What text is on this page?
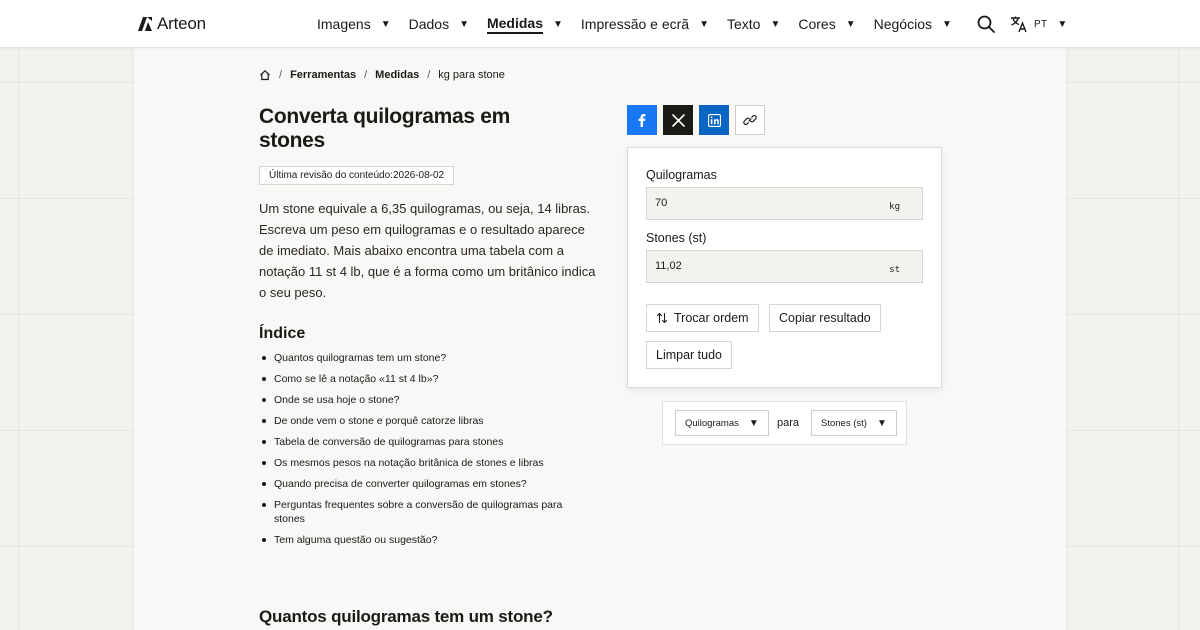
Arteon	Imagens ▼ Dados ▼ Medidas ▼ Impressão e ecrã ▼ Texto ▼ Cores ▼ Negócios ▼	PT ▼
/ Ferramentas / Medidas / kg para stone
Converta quilogramas em stones
Última revisão do conteúdo:2026-08-02

Um stone equivale a 6,35 quilogramas, ou seja, 14 libras. Escreva um peso em quilogramas e o resultado aparece de imediato. Mais abaixo encontra uma tabela com a notação 11 st 4 lb, que é a forma como um britânico indica o seu peso.

Índice
Quantos quilogramas tem um stone?
Como se lê a notação «11 st 4 lb»?
Onde se usa hoje o stone?
De onde vem o stone e porquê catorze libras
Tabela de conversão de quilogramas para stones
Os mesmos pesos na notação britânica de stones e libras
Quando precisa de converter quilogramas em stones?
Perguntas frequentes sobre a conversão de quilogramas para stones
Tem alguma questão ou sugestão?
Quantos quilogramas tem um stone?
Quilogramas
70
kg
Stones (st)
11,02
st
Trocar ordem	Copiar resultado
Limpar tudo
Quilogramas ▼ para Stones (st) ▼
